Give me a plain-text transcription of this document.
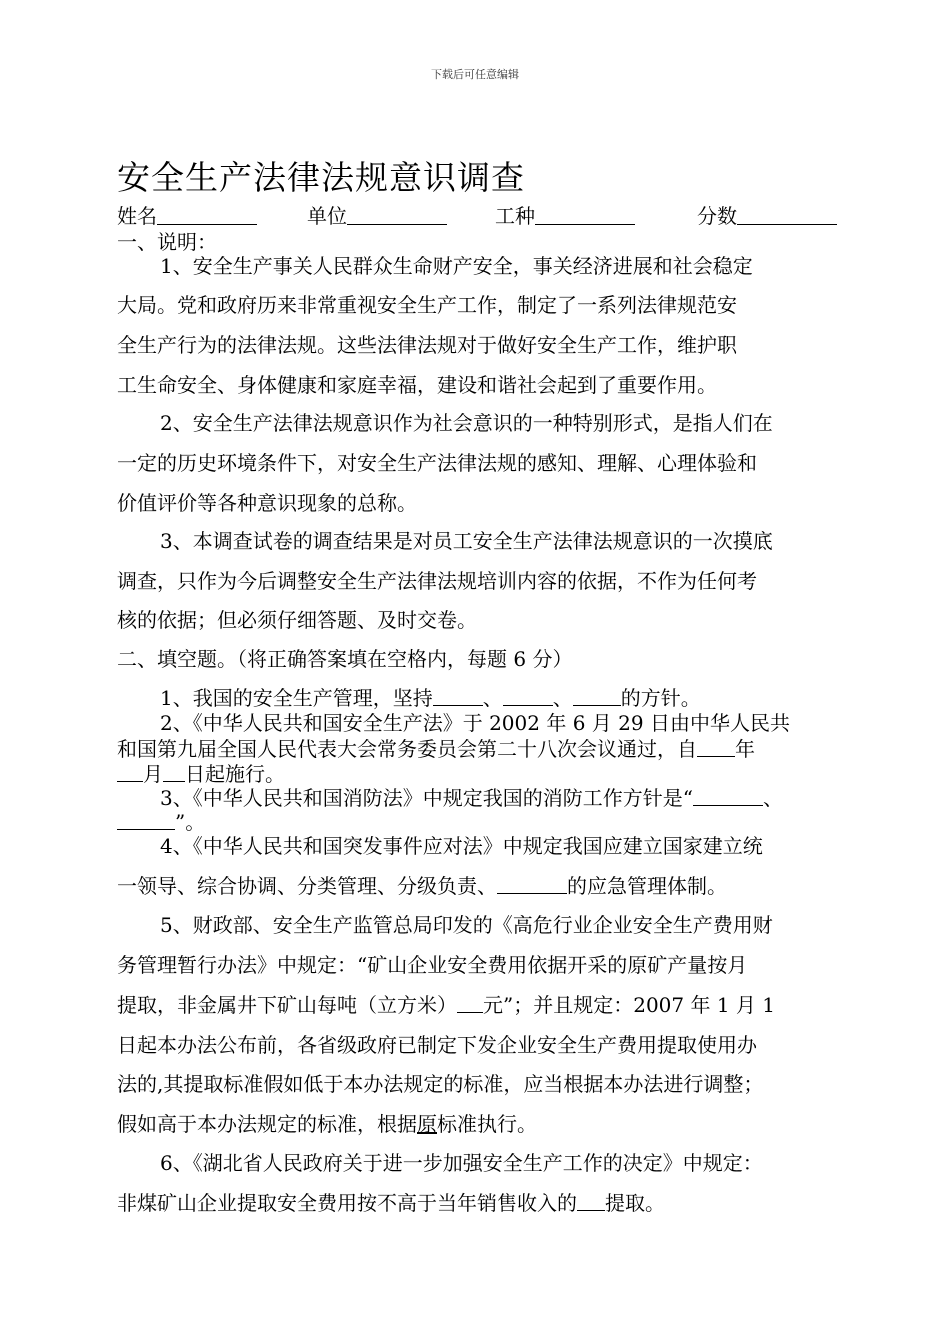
下载后可任意编辑
安全生产法律法规意识调查
姓名	单位	工种	分数
一、说明：
1、安全生产事关人民群众生命财产安全，事关经济进展和社会稳定
大局。党和政府历来非常重视安全生产工作，制定了一系列法律规范安
全生产行为的法律法规。这些法律法规对于做好安全生产工作，维护职
工生命安全、身体健康和家庭幸福，建设和谐社会起到了重要作用。
2、安全生产法律法规意识作为社会意识的一种特别形式，是指人们在
一定的历史环境条件下，对安全生产法律法规的感知、理解、心理体验和
价值评价等各种意识现象的总称。
3、本调查试卷的调查结果是对员工安全生产法律法规意识的一次摸底
调查，只作为今后调整安全生产法律法规培训内容的依据，不作为任何考
核的依据；但必须仔细答题、及时交卷。
二、填空题。（将正确答案填在空格内，每题 6 分）
1、我国的安全生产管理，坚持	、	、 的方针。
2、《中华人民共和国安全生产法》于 2002 年 6 月 29 日由中华人民共
和国第九届全国人民代表大会常务委员会第二十八次会议通过，自 年
月 日起施行。
3、《中华人民共和国消防法》中规定我国的消防工作方针是“	、
”。
4、《中华人民共和国突发事件应对法》中规定我国应建立国家建立统
一领导、综合协调、分类管理、分级负责、	的应急管理体制。
5、财政部、安全生产监管总局印发的《高危行业企业安全生产费用财
务管理暂行办法》中规定：“矿山企业安全费用依据开采的原矿产量按月
提取，非金属井下矿山每吨（立方米） 元”；并且规定：2007 年 1 月 1
日起本办法公布前，各省级政府已制定下发企业安全生产费用提取使用办
法的,其提取标准假如低于本办法规定的标准，应当根据本办法进行调整；
假如高于本办法规定的标准，根据原标准执行。
6、《湖北省人民政府关于进一步加强安全生产工作的决定》中规定：
非煤矿山企业提取安全费用按不高于当年销售收入的 提取。
